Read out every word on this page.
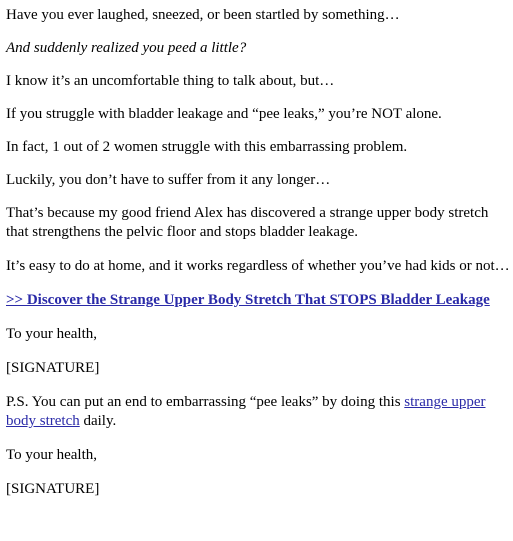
Have you ever laughed, sneezed, or been startled by something…

And suddenly realized you peed a little?

I know it’s an uncomfortable thing to talk about, but…

If you struggle with bladder leakage and “pee leaks,” you’re NOT alone.

In fact, 1 out of 2 women struggle with this embarrassing problem.

Luckily, you don’t have to suffer from it any longer…

That’s because my good friend Alex has discovered a strange upper body stretch that strengthens the pelvic floor and stops bladder leakage.

It’s easy to do at home, and it works regardless of whether you’ve had kids or not…

>> Discover the Strange Upper Body Stretch That STOPS Bladder Leakage

To your health,

[SIGNATURE]

P.S. You can put an end to embarrassing “pee leaks” by doing this strange upper body stretch daily.

To your health,

[SIGNATURE]
